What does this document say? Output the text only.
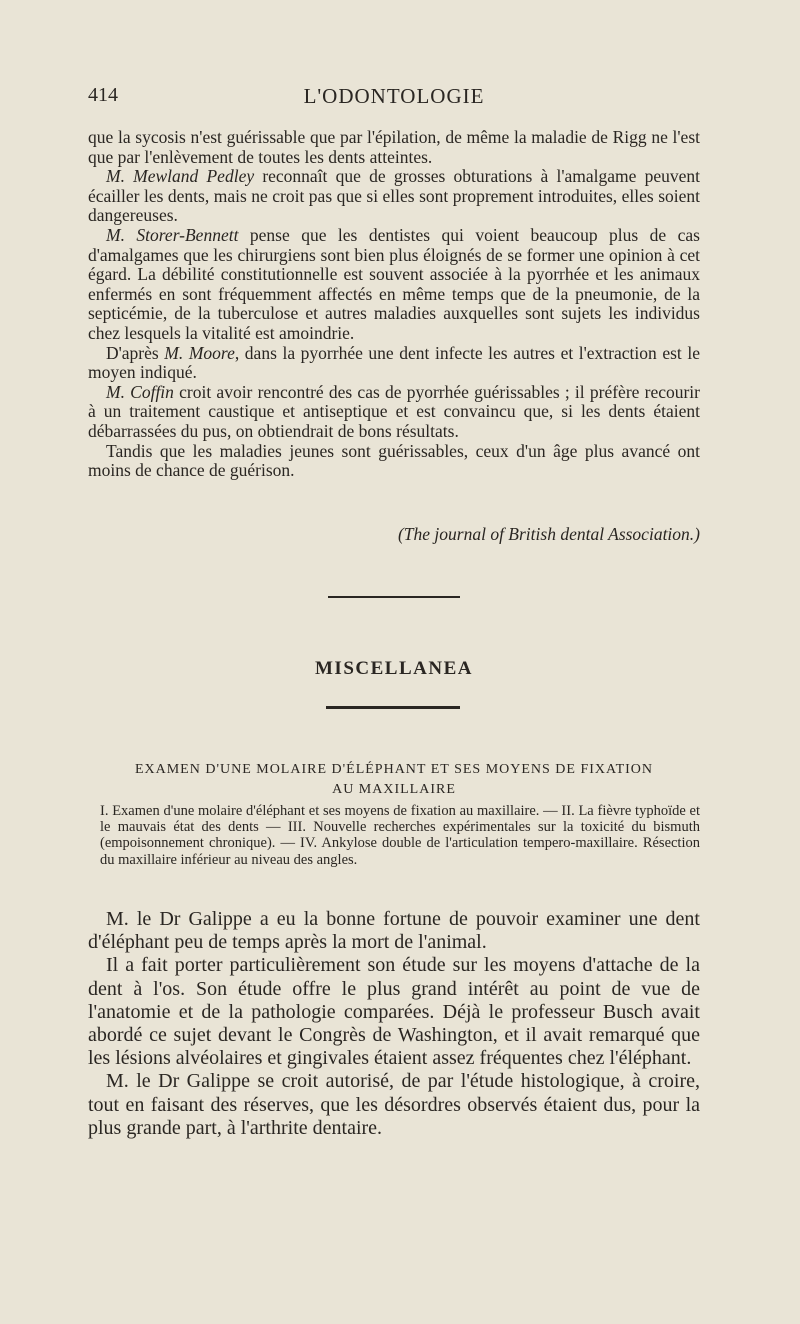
414	L'ODONTOLOGIE

que la sycosis n'est guérissable que par l'épilation, de même la maladie de Rigg ne l'est que par l'enlèvement de toutes les dents atteintes.

M. Mewland Pedley reconnaît que de grosses obturations à l'amalgame peuvent écailler les dents, mais ne croit pas que si elles sont proprement introduites, elles soient dangereuses.

M. Storer-Bennett pense que les dentistes qui voient beaucoup plus de cas d'amalgames que les chirurgiens sont bien plus éloignés de se former une opinion à cet égard. La débilité constitutionnelle est souvent associée à la pyorrhée et les animaux enfermés en sont fréquemment affectés en même temps que de la pneumonie, de la septicémie, de la tuberculose et autres maladies auxquelles sont sujets les individus chez lesquels la vitalité est amoindrie.

D'après M. Moore, dans la pyorrhée une dent infecte les autres et l'extraction est le moyen indiqué.

M. Coffin croit avoir rencontré des cas de pyorrhée guérissables ; il préfère recourir à un traitement caustique et antiseptique et est convaincu que, si les dents étaient débarrassées du pus, on obtiendrait de bons résultats.

Tandis que les maladies jeunes sont guérissables, ceux d'un âge plus avancé ont moins de chance de guérison.

(The journal of British dental Association.)
MISCELLANEA
EXAMEN D'UNE MOLAIRE D'ÉLÉPHANT ET SES MOYENS DE FIXATION
AU MAXILLAIRE
I. Examen d'une molaire d'éléphant et ses moyens de fixation au maxillaire. — II. La fièvre typhoïde et le mauvais état des dents — III. Nouvelle recherches expérimentales sur la toxicité du bismuth (empoisonnement chronique). — IV. Ankylose double de l'articulation tempero-maxillaire. Résection du maxillaire inférieur au niveau des angles.

M. le Dr Galippe a eu la bonne fortune de pouvoir examiner une dent d'éléphant peu de temps après la mort de l'animal.

Il a fait porter particulièrement son étude sur les moyens d'attache de la dent à l'os. Son étude offre le plus grand intérêt au point de vue de l'anatomie et de la pathologie comparées. Déjà le professeur Busch avait abordé ce sujet devant le Congrès de Washington, et il avait remarqué que les lésions alvéolaires et gingivales étaient assez fréquentes chez l'éléphant.

M. le Dr Galippe se croit autorisé, de par l'étude histologique, à croire, tout en faisant des réserves, que les désordres observés étaient dus, pour la plus grande part, à l'arthrite dentaire.
